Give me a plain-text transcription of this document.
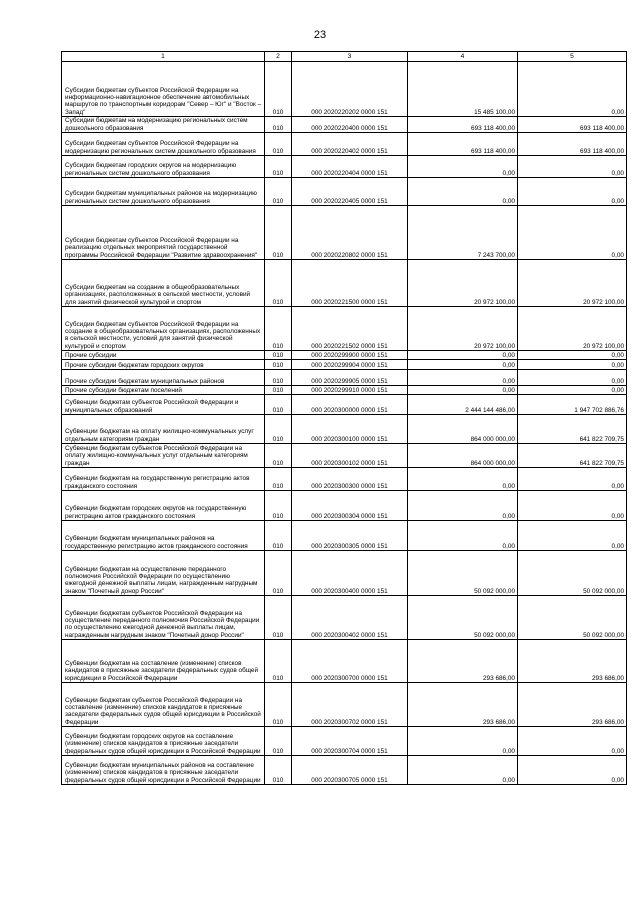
23
1	2	3	4	5
Субсидии бюджетам субъектов Российской Федерации на информационно-навигационное обеспечение автомобильных маршрутов по транспортным коридорам "Север – Юг" и "Восток – Запад"	010	000 2020220202 0000 151	15 485 100,00	0,00
Субсидии бюджетам на модернизацию региональных систем дошкольного образования	010	000 2020220400 0000 151	693 118 400,00	693 118 400,00
Субсидии бюджетам субъектов Российской Федерации на модернизацию региональных систем дошкольного образования	010	000 2020220402 0000 151	693 118 400,00	693 118 400,00
Субсидии бюджетам городских округов на модернизацию региональных систем дошкольного образования	010	000 2020220404 0000 151	0,00	0,00
Субсидии бюджетам муниципальных районов на модернизацию региональных систем дошкольного образования	010	000 2020220405 0000 151	0,00	0,00
Субсидии бюджетам субъектов Российской Федерации на реализацию отдельных мероприятий государственной программы Российской Федерации "Развитие здравоохранения"	010	000 2020220802 0000 151	7 243 700,00	0,00
Субсидии бюджетам на создание в общеобразовательных организациях, расположенных в сельской местности, условий для занятий физической культурой и спортом	010	000 2020221500 0000 151	20 972 100,00	20 972 100,00
Субсидии бюджетам субъектов Российской Федерации на создание в общеобразовательных организациях, расположенных в сельской местности, условий для занятий физической культурой и спортом	010	000 2020221502 0000 151	20 972 100,00	20 972 100,00
Прочие субсидии	010	000 2020299900 0000 151	0,00	0,00
Прочие субсидии бюджетам городских округов	010	000 2020299904 0000 151	0,00	0,00
Прочие субсидии бюджетам муниципальных районов	010	000 2020299905 0000 151	0,00	0,00
Прочие субсидии бюджетам поселений	010	000 2020299910 0000 151	0,00	0,00
Субвенции бюджетам субъектов Российской Федерации и муниципальных образований	010	000 2020300000 0000 151	2 444 144 486,00	1 947 702 886,76
Субвенции бюджетам на оплату жилищно-коммунальных услуг отдельным категориям граждан	010	000 2020300100 0000 151	864 000 000,00	641 822 709,75
Субвенции бюджетам субъектов Российской Федерации на оплату жилищно-коммунальных услуг отдельным категориям граждан	010	000 2020300102 0000 151	864 000 000,00	641 822 709,75
Субвенции бюджетам на государственную регистрацию актов гражданского состояния	010	000 2020300300 0000 151	0,00	0,00
Субвенции бюджетам городских округов на государственную регистрацию актов гражданского состояния	010	000 2020300304 0000 151	0,00	0,00
Субвенции бюджетам муниципальных районов на государственную регистрацию актов гражданского состояния	010	000 2020300305 0000 151	0,00	0,00
Субвенции бюджетам на осуществление переданного полномочия Российской Федерации по осуществлению ежегодной денежной выплаты лицам, награжденным нагрудным знаком "Почетный донор России"	010	000 2020300400 0000 151	50 092 000,00	50 092 000,00
Субвенции бюджетам субъектов Российской Федерации на осуществление переданного полномочия Российской Федерации по осуществлению ежегодной денежной выплаты лицам, награжденным нагрудным знаком "Почетный донор России"	010	000 2020300402 0000 151	50 092 000,00	50 092 000,00
Субвенции бюджетам на составление (изменение) списков кандидатов в присяжные заседатели федеральных судов общей юрисдикции в Российской Федерации	010	000 2020300700 0000 151	293 686,00	293 686,00
Субвенции бюджетам субъектов Российской Федерации на составление (изменение) списков кандидатов в присяжные заседатели федеральных судов общей юрисдикции в Российской Федерации	010	000 2020300702 0000 151	293 686,00	293 686,00
Субвенции бюджетам городских округов на составление (изменение) списков кандидатов в присяжные заседатели федеральных судов общей юрисдикции в Российской Федерации	010	000 2020300704 0000 151	0,00	0,00
Субвенции бюджетам муниципальных районов на составление (изменение) списков кандидатов в присяжные заседатели федеральных судов общей юрисдикции в Российской Федерации	010	000 2020300705 0000 151	0,00	0,00
